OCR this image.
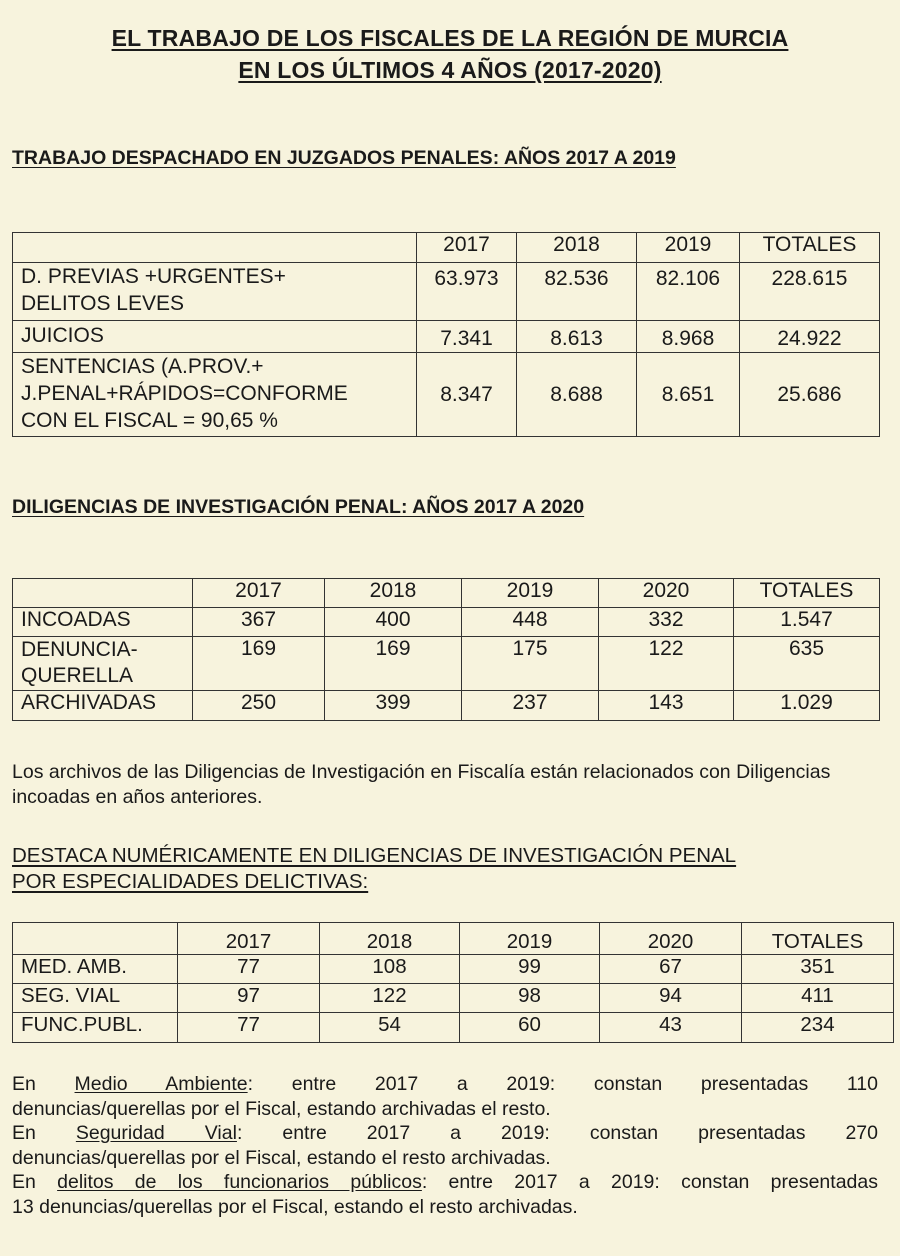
EL TRABAJO DE LOS FISCALES DE LA REGIÓN DE MURCIA
EN LOS ÚLTIMOS 4 AÑOS (2017-2020)
TRABAJO DESPACHADO EN JUZGADOS PENALES: AÑOS 2017 A 2019
	2017	2018	2019	TOTALES

D. PREVIAS +URGENTES+
DELITOS LEVES	63.973	82.536	82.106	228.615

JUICIOS	7.341	8.613	8.968	24.922

SENTENCIAS (A.PROV.+
J.PENAL+RÁPIDOS=CONFORME
CON EL FISCAL = 90,65 %	8.347	8.688	8.651	25.686
DILIGENCIAS DE INVESTIGACIÓN PENAL: AÑOS 2017 A 2020
	2017	2018	2019	2020	TOTALES
INCOADAS	367	400	448	332	1.547

DENUNCIA-
QUERELLA	169	169	175	122	635
ARCHIVADAS	250	399	237	143	1.029
Los archivos de las Diligencias de Investigación en Fiscalía están relacionados con Diligencias incoadas en años anteriores.
DESTACA NUMÉRICAMENTE EN DILIGENCIAS DE INVESTIGACIÓN PENAL
POR ESPECIALIDADES DELICTIVAS:
	2017	2018	2019	2020	TOTALES
MED. AMB.	77	108	99	67	351
SEG. VIAL	97	122	98	94	411
FUNC.PUBL.	77	54	60	43	234
En Medio Ambiente: entre 2017 a 2019: constan presentadas 110
denuncias/querellas por el Fiscal, estando archivadas el resto.
En Seguridad Vial: entre 2017 a 2019: constan presentadas 270
denuncias/querellas por el Fiscal, estando el resto archivadas.
En delitos de los funcionarios públicos: entre 2017 a 2019: constan presentadas
13 denuncias/querellas por el Fiscal, estando el resto archivadas.
